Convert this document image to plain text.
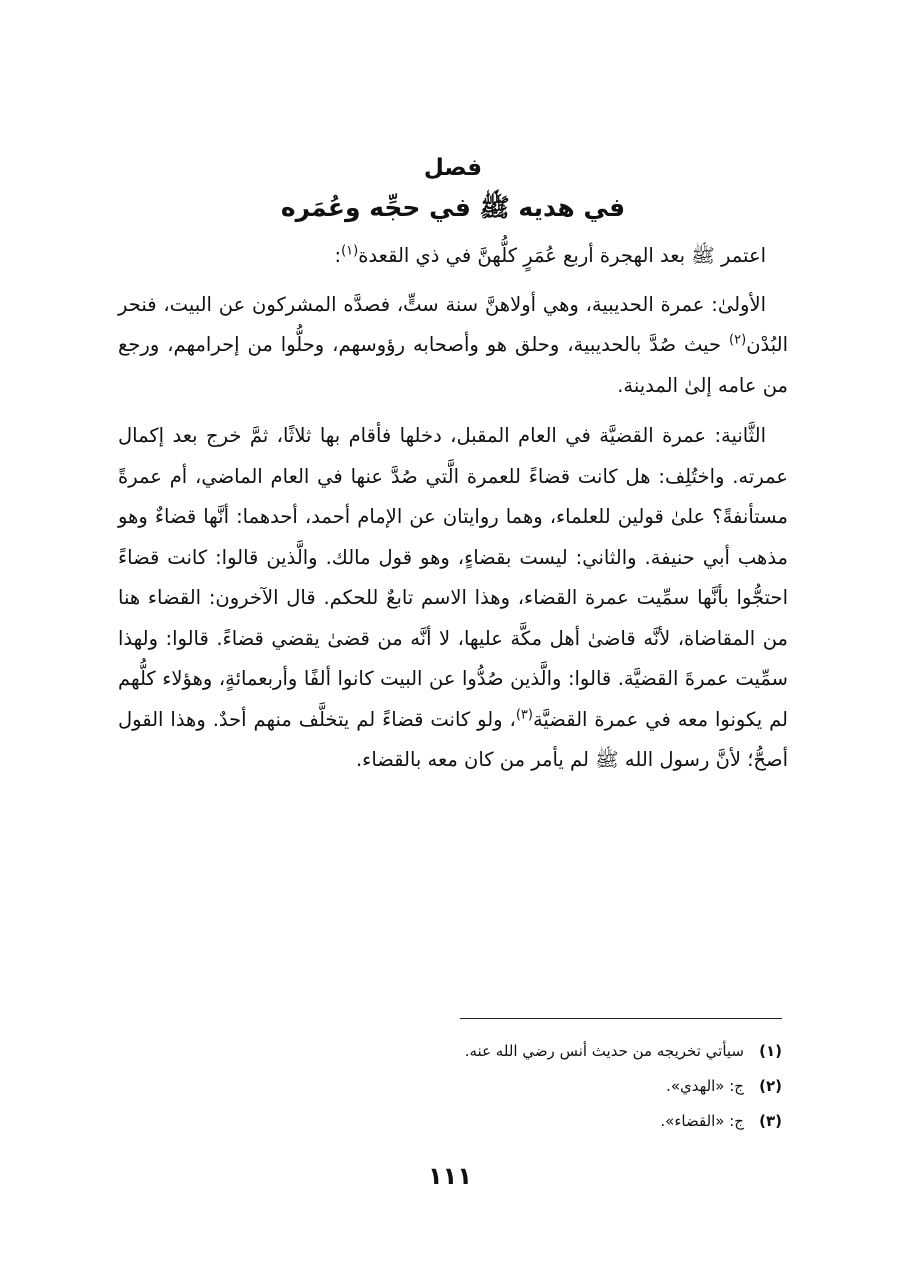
فصل
في هديه ﷺ في حجِّه وعُمَره

اعتمر ﷺ بعد الهجرة أربع عُمَرٍ كلُّهنَّ في ذي القعدة$^{(١)}$:

الأولىٰ: عمرة الحديبية، وهي أولاهنَّ سنة ستٍّ، فصدَّه المشركون عن البيت، فنحر البُدْن$^{(٢)}$ حيث صُدَّ بالحديبية، وحلق هو وأصحابه رؤوسهم، وحلُّوا من إحرامهم، ورجع من عامه إلىٰ المدينة.

الثَّانية: عمرة القضيَّة في العام المقبل، دخلها فأقام بها ثلاثًا، ثمَّ خرج بعد إكمال عمرته. واختُلِف: هل كانت قضاءً للعمرة الَّتي صُدَّ عنها في العام الماضي، أم عمرةً مستأنفةً؟ علىٰ قولين للعلماء، وهما روايتان عن الإمام أحمد، أحدهما: أنَّها قضاءٌ وهو مذهب أبي حنيفة. والثاني: ليست بقضاءٍ، وهو قول مالك. والَّذين قالوا: كانت قضاءً احتجُّوا بأنَّها سمِّيت عمرة القضاء، وهذا الاسم تابعٌ للحكم. قال الآخرون: القضاء هنا من المقاضاة، لأنَّه قاضىٰ أهل مكَّة عليها، لا أنَّه من قضىٰ يقضي قضاءً. قالوا: ولهذا سمِّيت عمرةَ القضيَّة. قالوا: والَّذين صُدُّوا عن البيت كانوا ألفًا وأربعمائةٍ، وهؤلاء كلُّهم لم يكونوا معه في عمرة القضيَّة$^{(٣)}$، ولو كانت قضاءً لم يتخلَّف منهم أحدٌ. وهذا القول أصحُّ؛ لأنَّ رسول الله ﷺ لم يأمر من كان معه بالقضاء.

(١)
سيأتي تخريجه من حديث أنس رضي الله عنه.
(٢)
ج: «الهدي».
(٣)
ج: «القضاء».
١١١
